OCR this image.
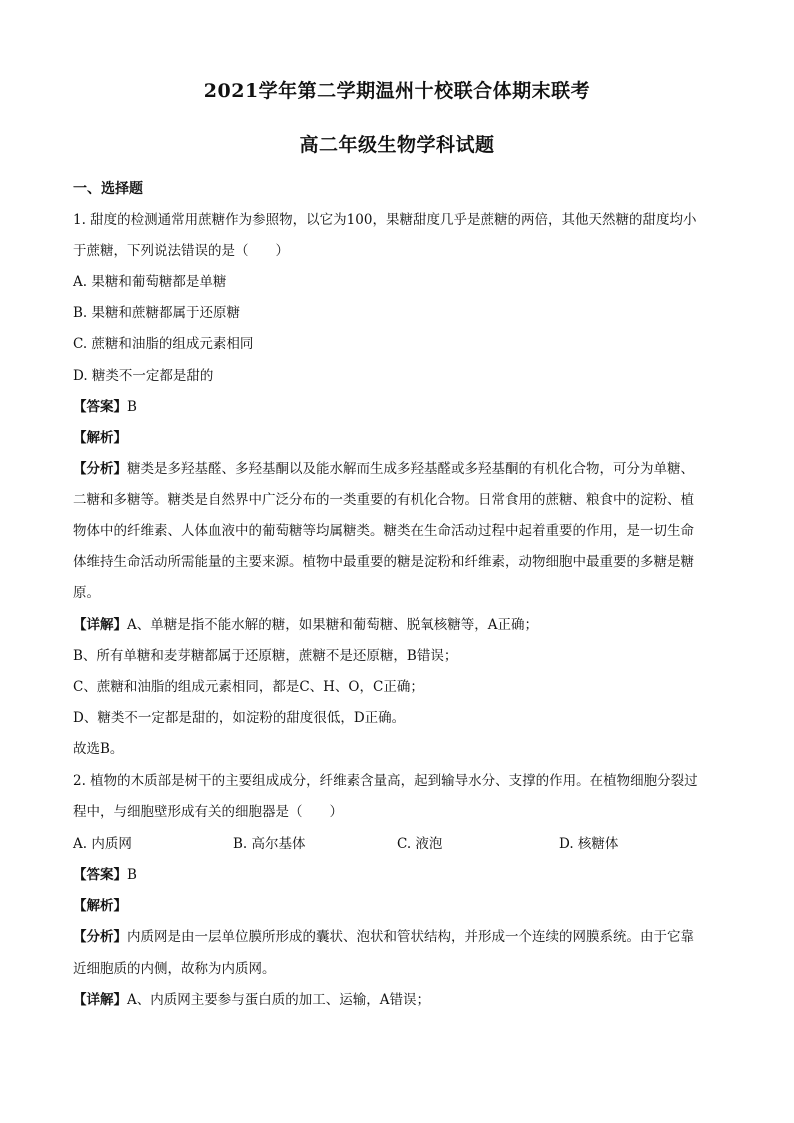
2021学年第二学期温州十校联合体期末联考
高二年级生物学科试题
一、选择题
1. 甜度的检测通常用蔗糖作为参照物，以它为100，果糖甜度几乎是蔗糖的两倍，其他天然糖的甜度均小
于蔗糖，下列说法错误的是（　　）
A. 果糖和葡萄糖都是单糖
B. 果糖和蔗糖都属于还原糖
C. 蔗糖和油脂的组成元素相同
D. 糖类不一定都是甜的
【答案】B
【解析】
【分析】糖类是多羟基醛、多羟基酮以及能水解而生成多羟基醛或多羟基酮的有机化合物，可分为单糖、
二糖和多糖等。糖类是自然界中广泛分布的一类重要的有机化合物。日常食用的蔗糖、粮食中的淀粉、植
物体中的纤维素、人体血液中的葡萄糖等均属糖类。糖类在生命活动过程中起着重要的作用，是一切生命
体维持生命活动所需能量的主要来源。植物中最重要的糖是淀粉和纤维素，动物细胞中最重要的多糖是糖
原。
【详解】A、单糖是指不能水解的糖，如果糖和葡萄糖、脱氧核糖等，A正确；
B、所有单糖和麦芽糖都属于还原糖，蔗糖不是还原糖，B错误；
C、蔗糖和油脂的组成元素相同，都是C、H、O，C正确；
D、糖类不一定都是甜的，如淀粉的甜度很低，D正确。
故选B。
2. 植物的木质部是树干的主要组成成分，纤维素含量高，起到输导水分、支撑的作用。在植物细胞分裂过
程中，与细胞壁形成有关的细胞器是（　　）
A. 内质网	B. 高尔基体	C. 液泡	D. 核糖体
【答案】B
【解析】
【分析】内质网是由一层单位膜所形成的囊状、泡状和管状结构，并形成一个连续的网膜系统。由于它靠
近细胞质的内侧，故称为内质网。
【详解】A、内质网主要参与蛋白质的加工、运输，A错误；
